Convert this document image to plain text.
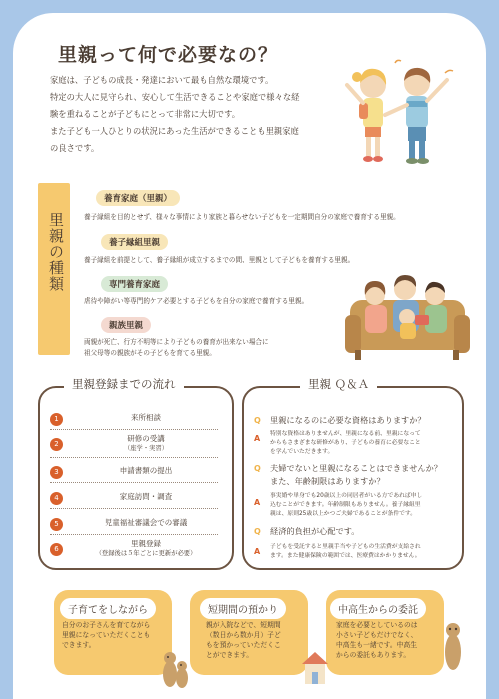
里親って何で必要なの？

家庭は、子どもの成長・発達において最も自然な環境です。

特定の大人に見守られ、安心して生活できることや家庭で様々な経

験を重ねることが子どもにとって非常に大切です。

また子ども一人ひとりの状況にあった生活ができることも里親家庭

の良さです。

里親の種類
養育家庭（里親）
養子縁組を目的とせず、様々な事情により家族と暮らせない子どもを一定期間自分の家庭で養育する里親。
養子縁組里親
養子縁組を前提として、養子縁組が成立するまでの間、里親として子どもを養育する里親。
専門養育家庭
虐待や障がい等専門的ケア必要とする子どもを自分の家庭で養育する里親。
親族里親
両親が死亡、行方不明等により子どもの養育が出来ない場合に
祖父母等の親族がその子どもを育てる里親。
里親登録までの流れ
1	来所相談
2
研修の受講
（座学・実習）
3	申請書類の提出
4	家庭訪問・調査
5	児童福祉審議会での審議
6
里親登録
（登録後は５年ごとに更新が必要）
里親 Ｑ＆Ａ
Q 里親になるのに必要な資格はありますか？
A 特別な資格はありませんが、里親になる前、里親になって
からもさまざまな研修があり、子どもの養育に必要なこと
を学んでいただきます。
Q 夫婦でないと里親になることはできませんか？
また、年齢制限はありますか？
A
事実婚や単身でも20歳以上の同居者がいる方であれば申し
込むことができます。年齢制限もありません。養子縁組里
親は、原則25歳以上かつご夫婦であることが条件です。
Q 経済的負担が心配です。
A 子どもを受託すると里親手当や子どもの生活費が支給され
ます。また健康保険の範囲では、医療費はかかりません。
子育てをしながら
自分のお子さんを育てながら
里親になっていただくことも
できます。
短期間の預かり
親が入院などで、短期間
（数日から数か月）子ど
もを預かっていただくこ
とができます。
中高生からの委託
家庭を必要としているのは
小さい子どもだけでなく、
中高生も一緒です。中高生
からの委託もあります。
